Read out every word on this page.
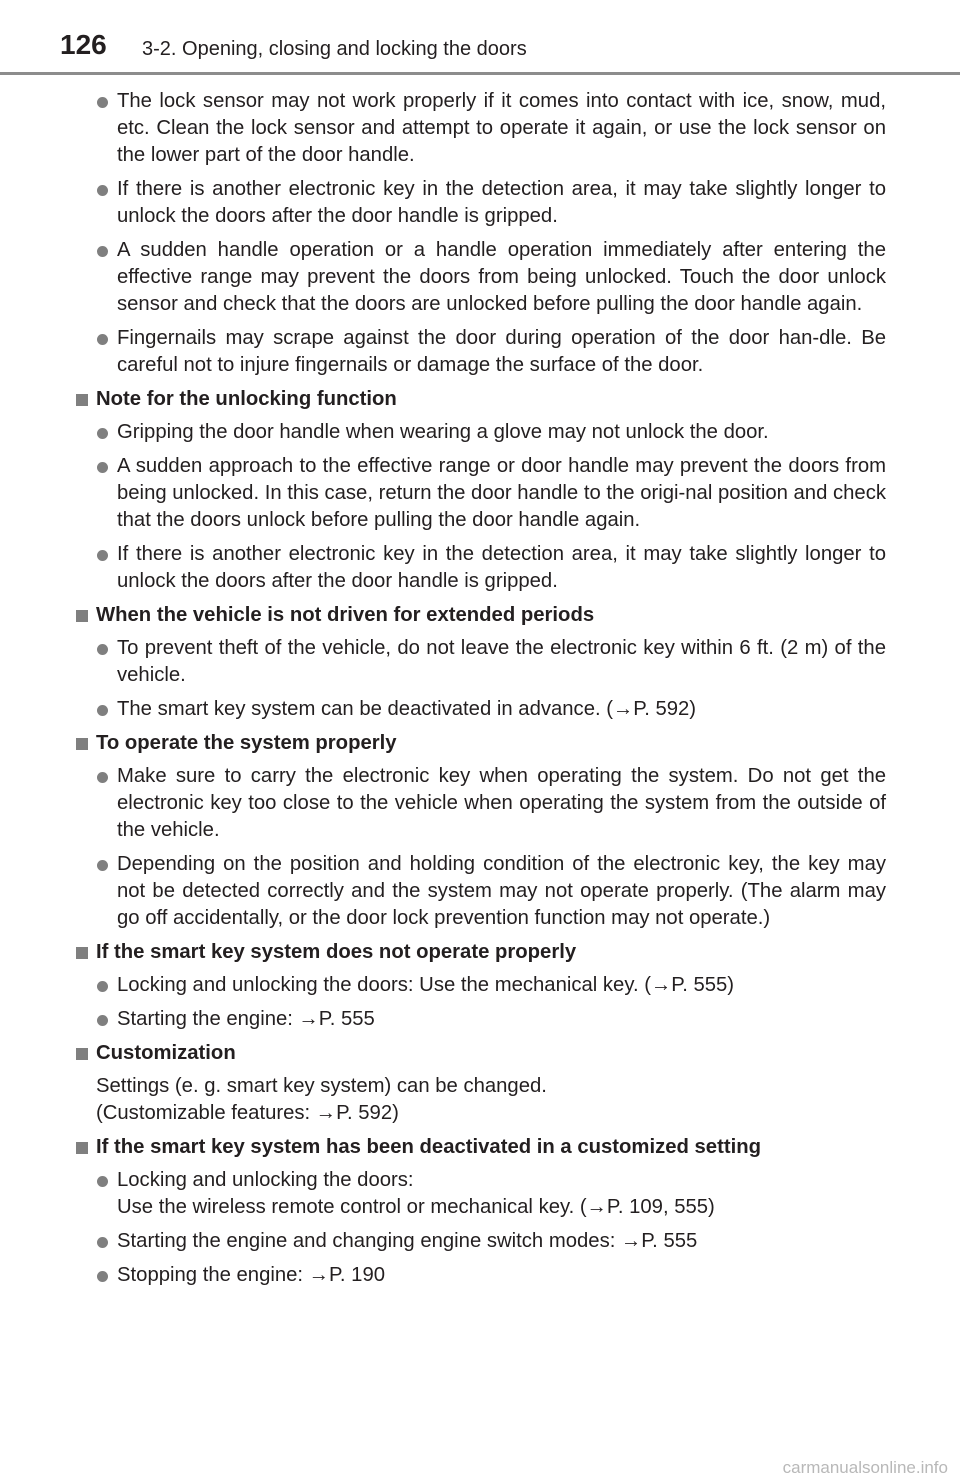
126 3-2. Opening, closing and locking the doors
The lock sensor may not work properly if it comes into contact with ice, snow, mud, etc. Clean the lock sensor and attempt to operate it again, or use the lock sensor on the lower part of the door handle.
If there is another electronic key in the detection area, it may take slightly longer to unlock the doors after the door handle is gripped.
A sudden handle operation or a handle operation immediately after entering the effective range may prevent the doors from being unlocked. Touch the door unlock sensor and check that the doors are unlocked before pulling the door handle again.
Fingernails may scrape against the door during operation of the door han-dle. Be careful not to injure fingernails or damage the surface of the door.
Note for the unlocking function
Gripping the door handle when wearing a glove may not unlock the door.
A sudden approach to the effective range or door handle may prevent the doors from being unlocked. In this case, return the door handle to the origi-nal position and check that the doors unlock before pulling the door handle again.
If there is another electronic key in the detection area, it may take slightly longer to unlock the doors after the door handle is gripped.
When the vehicle is not driven for extended periods
To prevent theft of the vehicle, do not leave the electronic key within 6 ft. (2 m) of the vehicle.
The smart key system can be deactivated in advance. (→P. 592)
To operate the system properly
Make sure to carry the electronic key when operating the system. Do not get the electronic key too close to the vehicle when operating the system from the outside of the vehicle.
Depending on the position and holding condition of the electronic key, the key may not be detected correctly and the system may not operate properly. (The alarm may go off accidentally, or the door lock prevention function may not operate.)
If the smart key system does not operate properly
Locking and unlocking the doors: Use the mechanical key. (→P. 555)
Starting the engine: →P. 555
Customization
Settings (e. g. smart key system) can be changed.
(Customizable features: →P. 592)
If the smart key system has been deactivated in a customized setting
Locking and unlocking the doors:
Use the wireless remote control or mechanical key. (→P. 109, 555)
Starting the engine and changing engine switch modes: →P. 555
Stopping the engine: →P. 190
carmanualsonline.info
